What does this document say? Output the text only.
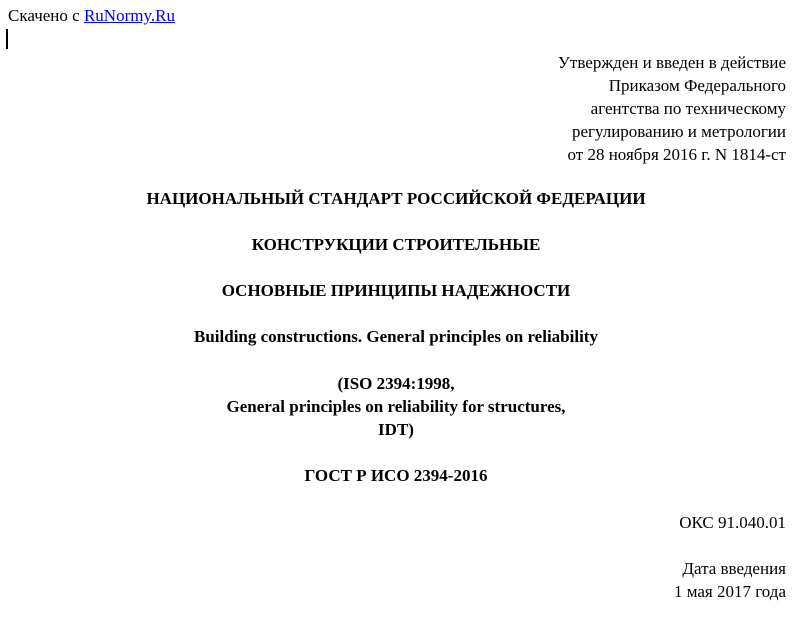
Скачено с RuNormy.Ru
Утвержден и введен в действие
Приказом Федерального
агентства по техническому
регулированию и метрологии
от 28 ноября 2016 г. N 1814-ст
НАЦИОНАЛЬНЫЙ СТАНДАРТ РОССИЙСКОЙ ФЕДЕРАЦИИ
КОНСТРУКЦИИ СТРОИТЕЛЬНЫЕ
ОСНОВНЫЕ ПРИНЦИПЫ НАДЕЖНОСТИ
Building constructions. General principles on reliability
(ISO 2394:1998,
General principles on reliability for structures,
IDT)
ГОСТ Р ИСО 2394-2016
ОКС 91.040.01
Дата введения
1 мая 2017 года
